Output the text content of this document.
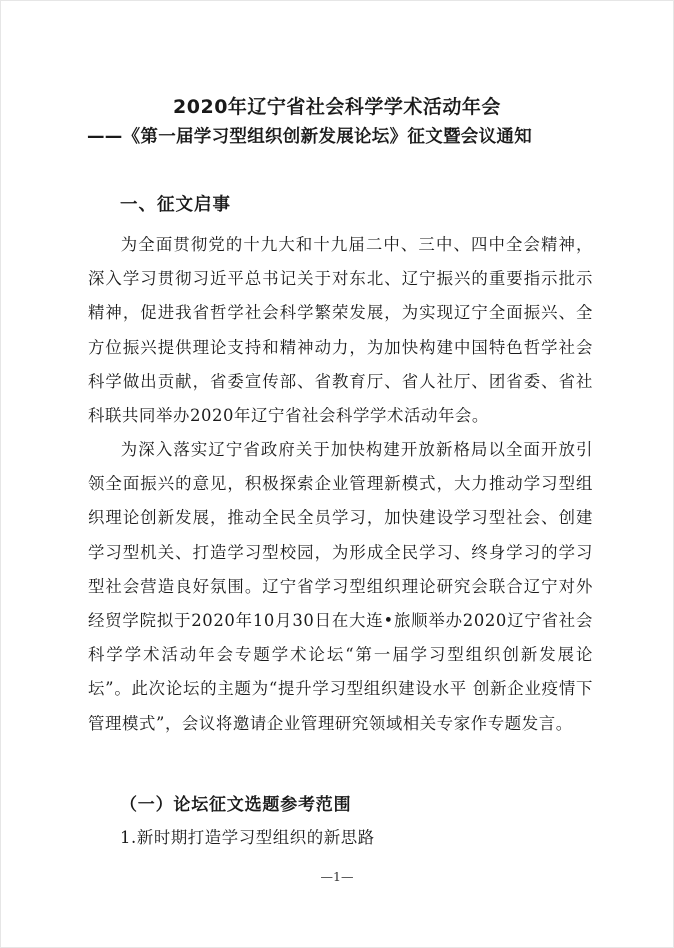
2020年辽宁省社会科学学术活动年会
——《第一届学习型组织创新发展论坛》征文暨会议通知
一、征文启事

为全面贯彻党的十九大和十九届二中、三中、四中全会精神，深入学习贯彻习近平总书记关于对东北、辽宁振兴的重要指示批示精神，促进我省哲学社会科学繁荣发展，为实现辽宁全面振兴、全方位振兴提供理论支持和精神动力，为加快构建中国特色哲学社会科学做出贡献，省委宣传部、省教育厅、省人社厅、团省委、省社科联共同举办2020年辽宁省社会科学学术活动年会。

为深入落实辽宁省政府关于加快构建开放新格局以全面开放引领全面振兴的意见，积极探索企业管理新模式，大力推动学习型组织理论创新发展，推动全民全员学习，加快建设学习型社会、创建学习型机关、打造学习型校园，为形成全民学习、终身学习的学习型社会营造良好氛围。辽宁省学习型组织理论研究会联合辽宁对外经贸学院拟于2020年10月30日在大连•旅顺举办2020辽宁省社会科学学术活动年会专题学术论坛“第一届学习型组织创新发展论坛”。此次论坛的主题为“提升学习型组织建设水平 创新企业疫情下管理模式”，会议将邀请企业管理研究领域相关专家作专题发言。

（一）论坛征文选题参考范围
1.新时期打造学习型组织的新思路
—1—
